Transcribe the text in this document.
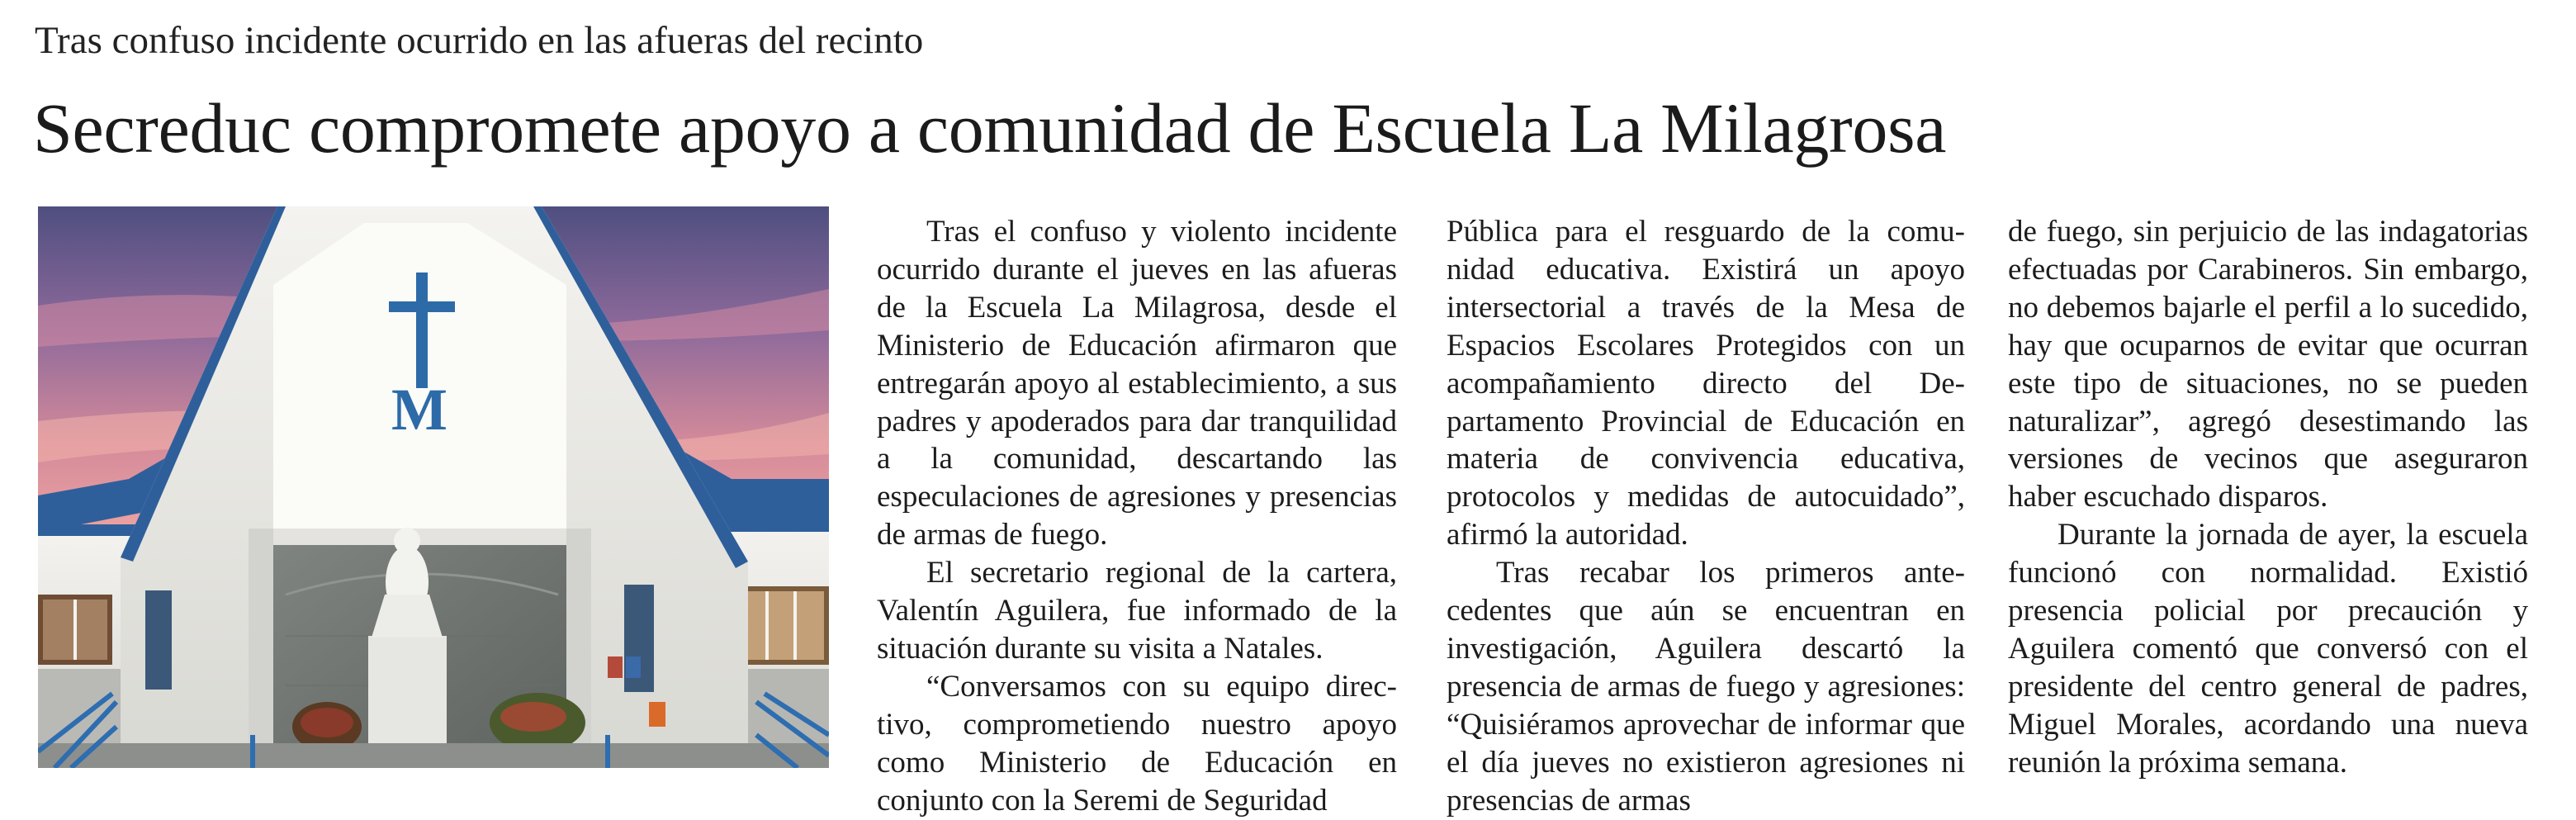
Tras confuso incidente ocurrido en las afueras del recinto
Secreduc compromete apoyo a comunidad de Escuela La Milagrosa
M

Tras el confuso y violento incidente ocurrido durante el jueves en las afueras de la Escuela La Milagrosa, desde el Ministerio de Educación afirmaron que entregarán apoyo al establecimiento, a sus padres y apoderados para dar tranquilidad a la comunidad, descartando las especulaciones de agresiones y presencias de armas de fuego.

El secretario regional de la cartera, Valentín Aguilera, fue informado de la situación durante su visita a Natales.

“Conversamos con su equipo directivo, comprometiendo nuestro apoyo como Ministerio de Educación en conjunto con la Seremi de Seguridad

Pública para el resguardo de la comunidad educativa. Existirá un apoyo intersectorial a través de la Mesa de Espacios Escolares Protegidos con un acompañamiento directo del Departamento Provincial de Educación en materia de convivencia educativa, protocolos y medidas de autocuidado”, afirmó la autoridad.

Tras recabar los primeros antecedentes que aún se encuentran en investigación, Aguilera descartó la presencia de armas de fuego y agresiones: “Quisiéramos aprovechar de informar que el día jueves no existieron agresiones ni presencias de armas

de fuego, sin perjuicio de las indagatorias efectuadas por Carabineros. Sin embargo, no debemos bajarle el perfil a lo sucedido, hay que ocuparnos de evitar que ocurran este tipo de situaciones, no se pueden naturalizar”, agregó desestimando las versiones de vecinos que aseguraron haber escuchado disparos.

Durante la jornada de ayer, la escuela funcionó con normalidad. Existió presencia policial por precaución y Aguilera comentó que conversó con el presidente del centro general de padres, Miguel Morales, acordando una nueva reunión la próxima semana.
